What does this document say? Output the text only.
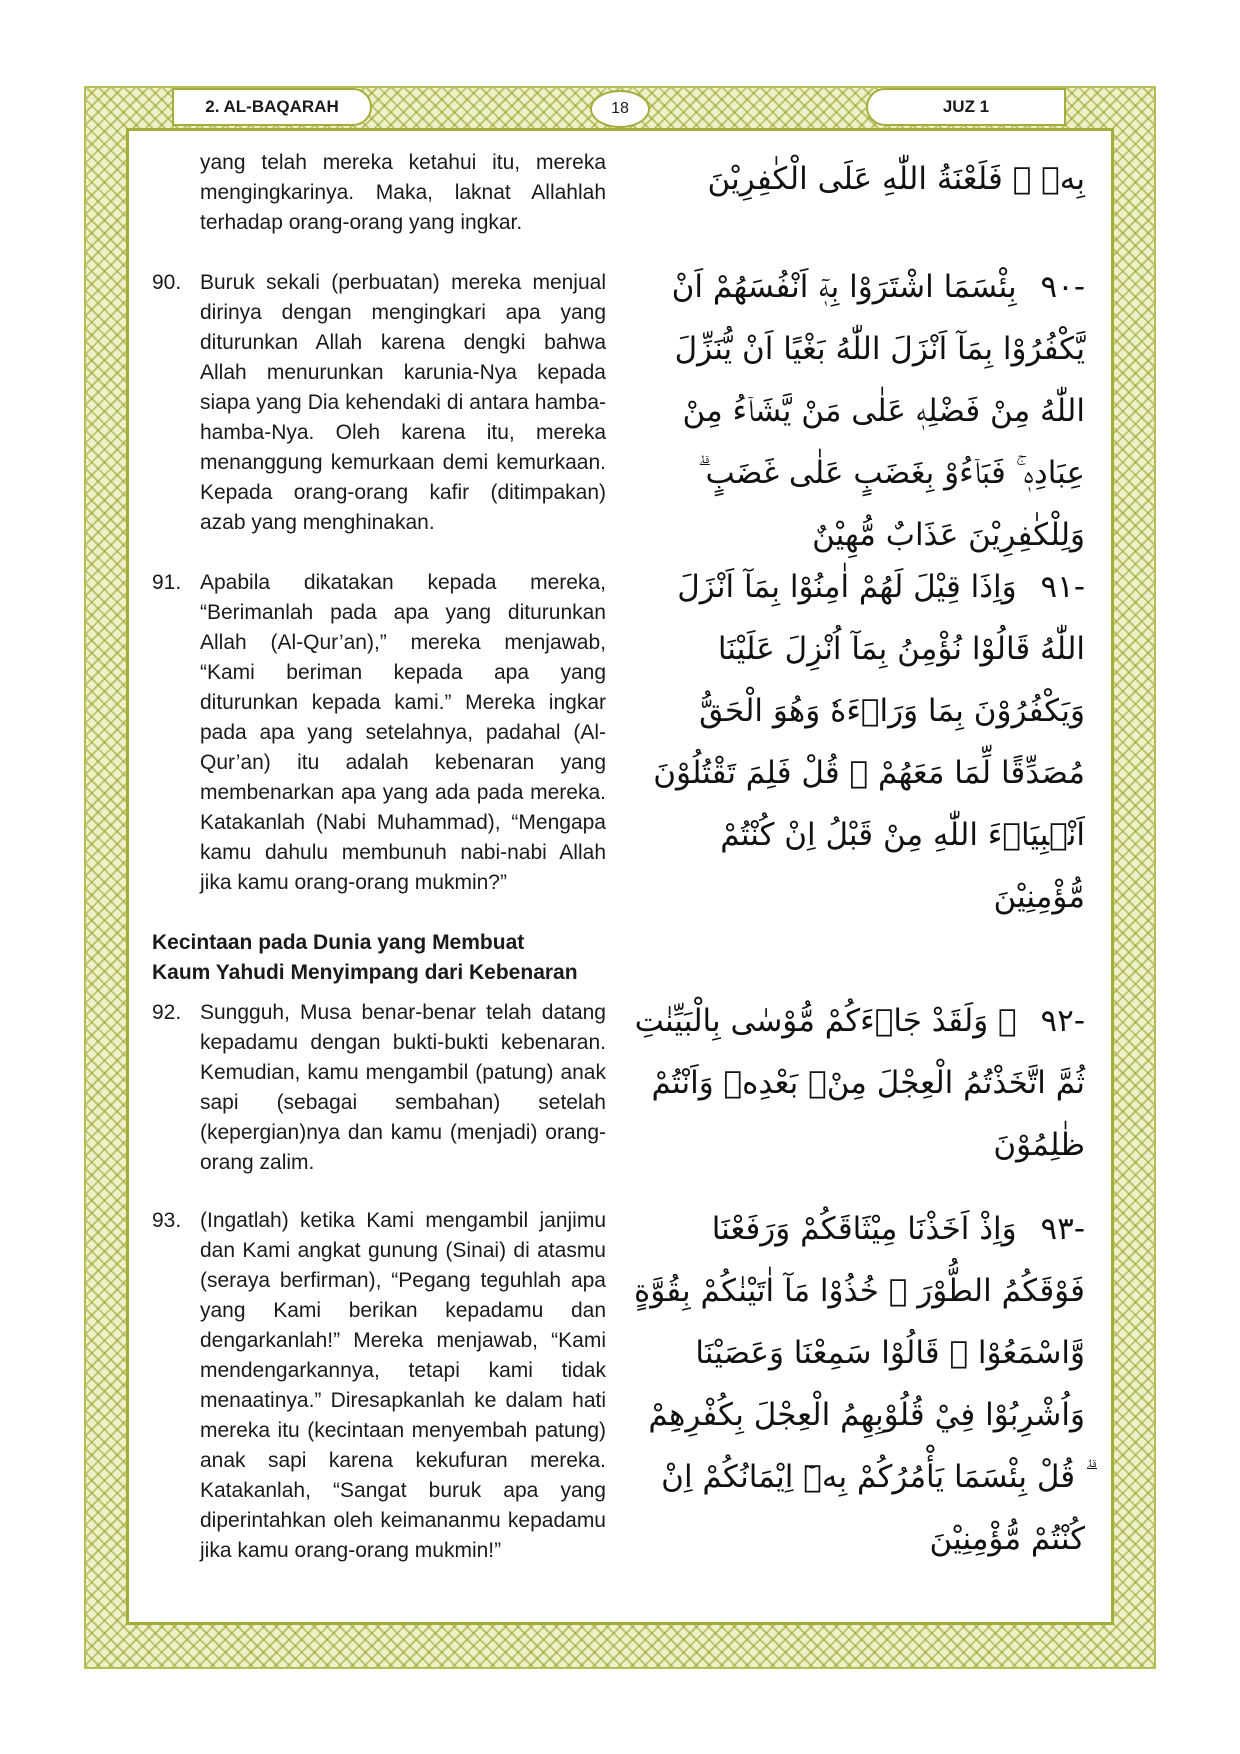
2. AL-BAQARAH	18	JUZ 1
yang telah mereka ketahui itu, mereka mengingkarinya. Maka, laknat Allahlah terhadap orang-orang yang ingkar.
90. Buruk sekali (perbuatan) mereka menjual dirinya dengan mengingkari apa yang diturunkan Allah karena dengki bahwa Allah menurunkan karunia-Nya kepada siapa yang Dia kehendaki di antara hamba-hamba-Nya. Oleh karena itu, mereka menanggung kemurkaan demi kemurkaan. Kepada orang-orang kafir (ditimpakan) azab yang menghinakan.
91. Apabila dikatakan kepada mereka, “Berimanlah pada apa yang diturunkan Allah (Al-Qur’an),” mereka menjawab, “Kami beriman kepada apa yang diturunkan kepada kami.” Mereka ingkar pada apa yang setelahnya, padahal (Al-Qur’an) itu adalah kebenaran yang membenarkan apa yang ada pada mereka. Katakanlah (Nabi Muhammad), “Mengapa kamu dahulu membunuh nabi-nabi Allah jika kamu orang-orang mukmin?”
Kecintaan pada Dunia yang Membuat
Kaum Yahudi Menyimpang dari Kebenaran
92. Sungguh, Musa benar-benar telah datang kepadamu dengan bukti-bukti kebenaran. Kemudian, kamu mengambil (patung) anak sapi (sebagai sembahan) setelah (kepergian)nya dan kamu (menjadi) orang-orang zalim.
93. (Ingatlah) ketika Kami mengambil janjimu dan Kami angkat gunung (Sinai) di atasmu (seraya berfirman), “Pegang teguhlah apa yang Kami berikan kepadamu dan dengarkanlah!” Mereka menjawab, “Kami mendengarkannya, tetapi kami tidak menaatinya.” Diresapkanlah ke dalam hati mereka itu (kecintaan menyembah patung) anak sapi karena kekufuran mereka. Katakanlah, “Sangat buruk apa yang diperintahkan oleh keimananmu kepadamu jika kamu orang-orang mukmin!”
بِهٖ ۖ فَلَعْنَةُ اللّٰهِ عَلَى الْكٰفِرِيْنَ
-٩٠ بِئْسَمَا اشْتَرَوْا بِهٖٓ اَنْفُسَهُمْ اَنْ يَّكْفُرُوْا بِمَآ اَنْزَلَ اللّٰهُ بَغْيًا اَنْ يُّنَزِّلَ اللّٰهُ مِنْ فَضْلِهٖ عَلٰى مَنْ يَّشَاۤءُ مِنْ عِبَادِهٖ ۚ فَبَاۤءُوْ بِغَضَبٍ عَلٰى غَضَبٍ ۗ وَلِلْكٰفِرِيْنَ عَذَابٌ مُّهِيْنٌ
-٩١ وَاِذَا قِيْلَ لَهُمْ اٰمِنُوْا بِمَآ اَنْزَلَ اللّٰهُ قَالُوْا نُؤْمِنُ بِمَآ اُنْزِلَ عَلَيْنَا وَيَكْفُرُوْنَ بِمَا وَرَاۤءَهٗ وَهُوَ الْحَقُّ مُصَدِّقًا لِّمَا مَعَهُمْ ۗ قُلْ فَلِمَ تَقْتُلُوْنَ اَنْۢبِيَاۤءَ اللّٰهِ مِنْ قَبْلُ اِنْ كُنْتُمْ مُّؤْمِنِيْنَ
-٩٢ ۞ وَلَقَدْ جَاۤءَكُمْ مُّوْسٰى بِالْبَيِّنٰتِ ثُمَّ اتَّخَذْتُمُ الْعِجْلَ مِنْۢ بَعْدِهٖ وَاَنْتُمْ ظٰلِمُوْنَ
-٩٣ وَاِذْ اَخَذْنَا مِيْثَاقَكُمْ وَرَفَعْنَا فَوْقَكُمُ الطُّوْرَ ۗ خُذُوْا مَآ اٰتَيْنٰكُمْ بِقُوَّةٍ وَّاسْمَعُوْا ۗ قَالُوْا سَمِعْنَا وَعَصَيْنَا وَاُشْرِبُوْا فِيْ قُلُوْبِهِمُ الْعِجْلَ بِكُفْرِهِمْ ۗ قُلْ بِئْسَمَا يَأْمُرُكُمْ بِهٖٓ اِيْمَانُكُمْ اِنْ كُنْتُمْ مُّؤْمِنِيْنَ
